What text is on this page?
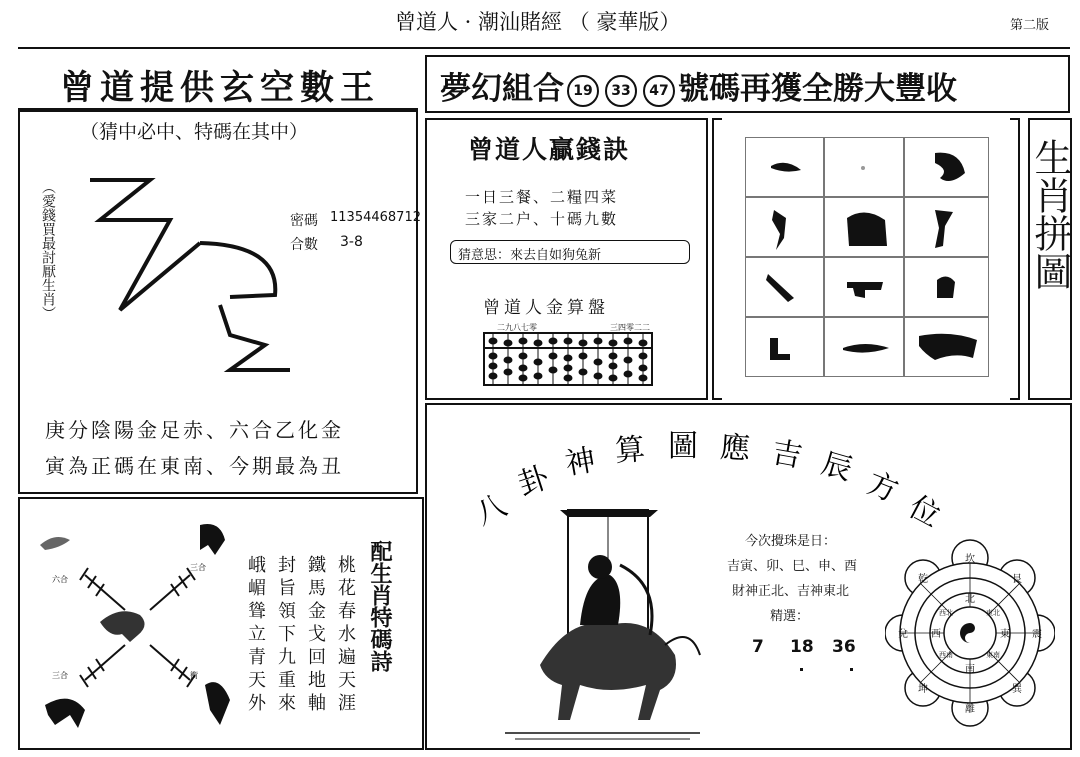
曾道人 · 潮汕賭經 （ 豪華版）	第二版
曾道提供玄空數王
（猜中必中、特碼在其中）
（愛錢買最討厭生肖）	密碼 11354468712
合數 3-8
庚分陰陽金足赤、六合乙化金
寅為正碼在東南、今期最為丑
夢幻組合 19 33 47 號碼再獲全勝大豐收
曾道人贏錢訣
一日三餐、二糧四菜
三家二户、十碼九數
猜意思：來去自如狗兔新
曾道人金算盤
二九八七零	三四零二二
生肖拼圖
八
卦 神 算 圖 應 吉 辰 方
位
今次攪珠是日：
吉寅、卯、巳、申、酉
財神正北、吉神東北
精選：
7 18 36
坎
艮
震
巽
離
坤
兌
乾
北
東
南
西
西北	東北
東南
西南
六合
三合
三合	衝
配生肖特碼詩
桃花春水遍天涯
鐵馬金戈回地軸
封旨領下九重來
峨嵋聳立青天外
